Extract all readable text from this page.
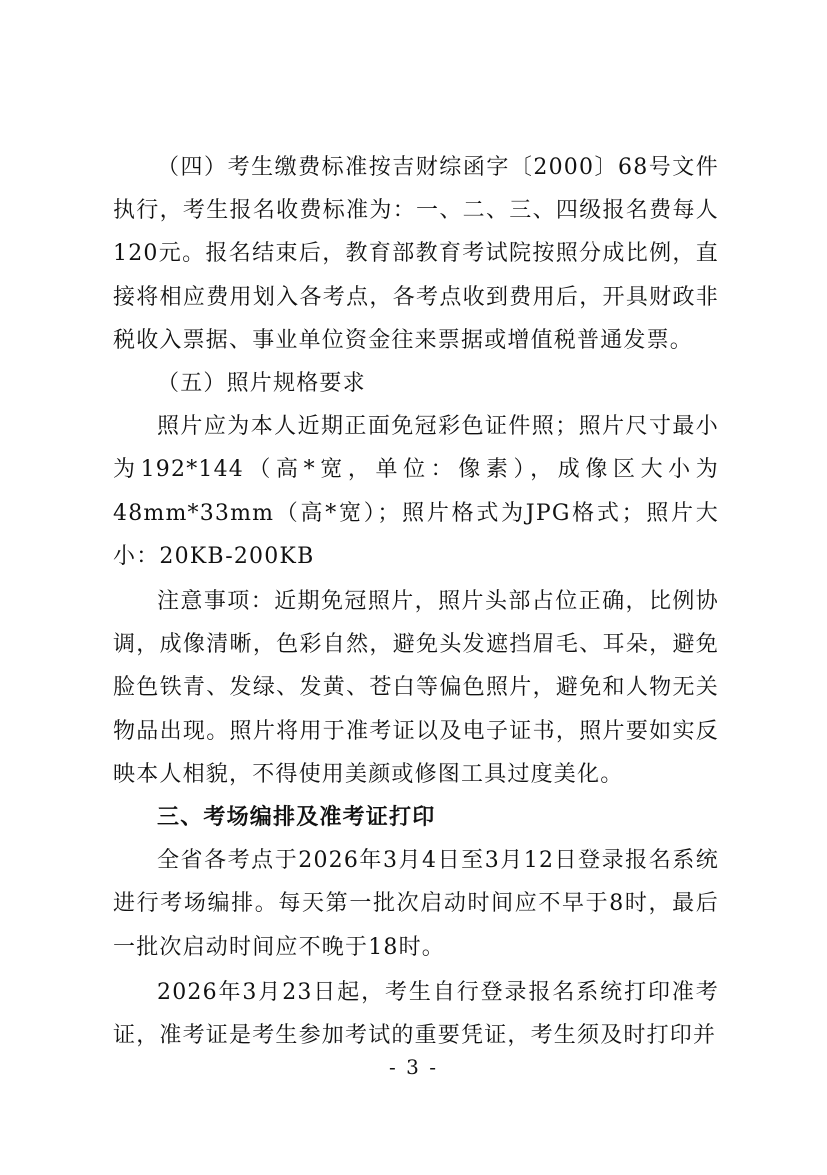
（四）考生缴费标准按吉财综函字〔2000〕68号文件执行，考生报名收费标准为：一、二、三、四级报名费每人120元。报名结束后，教育部教育考试院按照分成比例，直接将相应费用划入各考点，各考点收到费用后，开具财政非税收入票据、事业单位资金往来票据或增值税普通发票。

（五）照片规格要求

照片应为本人近期正面免冠彩色证件照；照片尺寸最小为192*144（高*宽，单位：像素），成像区大小为48mm*33mm（高*宽）；照片格式为JPG格式；照片大小：20KB-200KB

注意事项：近期免冠照片，照片头部占位正确，比例协调，成像清晰，色彩自然，避免头发遮挡眉毛、耳朵，避免脸色铁青、发绿、发黄、苍白等偏色照片，避免和人物无关物品出现。照片将用于准考证以及电子证书，照片要如实反映本人相貌，不得使用美颜或修图工具过度美化。

三、考场编排及准考证打印

全省各考点于2026年3月4日至3月12日登录报名系统进行考场编排。每天第一批次启动时间应不早于8时，最后一批次启动时间应不晚于18时。

2026年3月23日起，考生自行登录报名系统打印准考证，准考证是考生参加考试的重要凭证，考生须及时打印并

- 3 -
